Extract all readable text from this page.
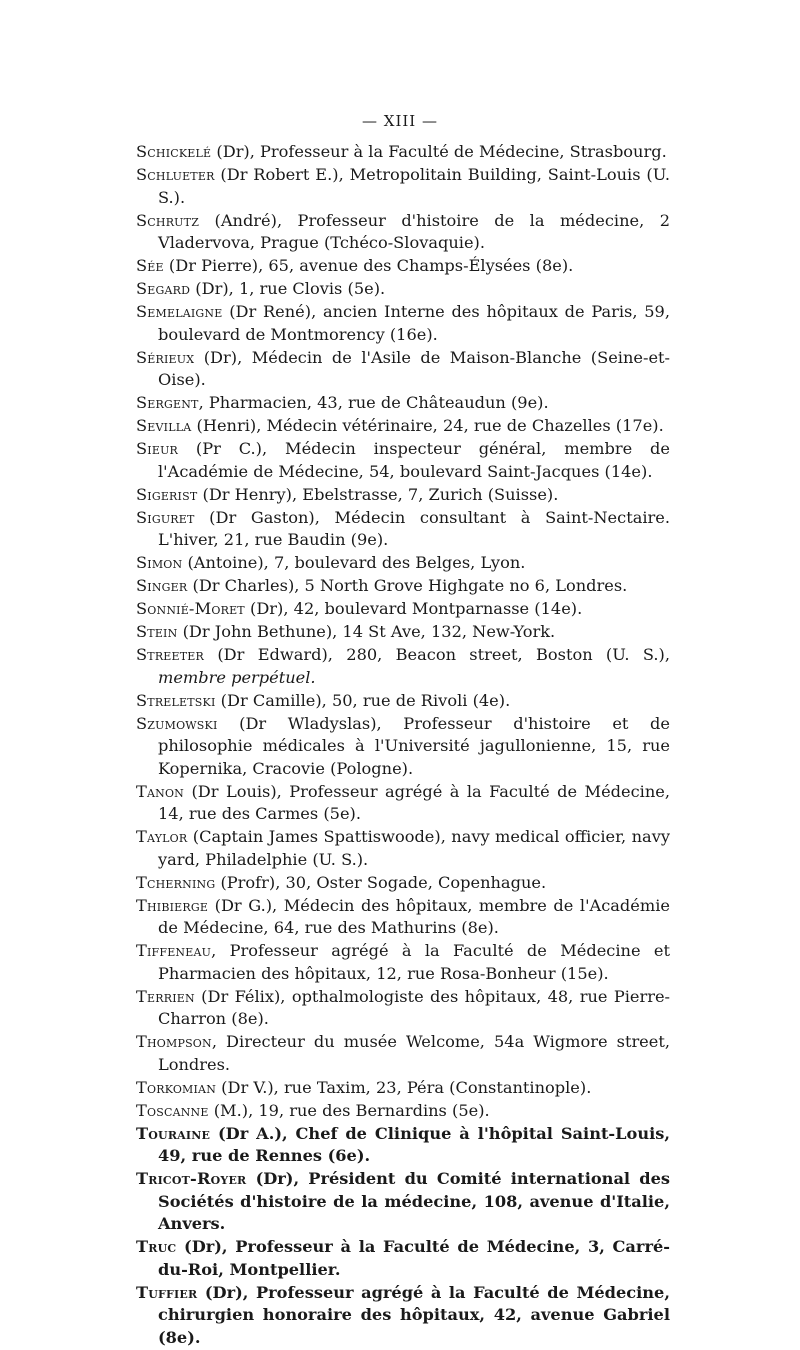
— XIII —

Schickelé (Dr), Professeur à la Faculté de Médecine, Strasbourg.

Schlueter (Dr Robert E.), Metropolitain Building, Saint-Louis (U. S.).

Schrutz (André), Professeur d'histoire de la médecine, 2 Vladervova, Prague (Tchéco-Slovaquie).

Sée (Dr Pierre), 65, avenue des Champs-Élysées (8e).

Segard (Dr), 1, rue Clovis (5e).

Semelaigne (Dr René), ancien Interne des hôpitaux de Paris, 59, boulevard de Montmorency (16e).

Sérieux (Dr), Médecin de l'Asile de Maison-Blanche (Seine-et-Oise).

Sergent, Pharmacien, 43, rue de Châteaudun (9e).

Sevilla (Henri), Médecin vétérinaire, 24, rue de Chazelles (17e).

Sieur (Pr C.), Médecin inspecteur général, membre de l'Académie de Médecine, 54, boulevard Saint-Jacques (14e).

Sigerist (Dr Henry), Ebelstrasse, 7, Zurich (Suisse).

Siguret (Dr Gaston), Médecin consultant à Saint-Nectaire. L'hiver, 21, rue Baudin (9e).

Simon (Antoine), 7, boulevard des Belges, Lyon.

Singer (Dr Charles), 5 North Grove Highgate no 6, Londres.

Sonnié-Moret (Dr), 42, boulevard Montparnasse (14e).

Stein (Dr John Bethune), 14 St Ave, 132, New-York.

Streeter (Dr Edward), 280, Beacon street, Boston (U. S.), membre perpétuel.

Streletski (Dr Camille), 50, rue de Rivoli (4e).

Szumowski (Dr Wladyslas), Professeur d'histoire et de philosophie médicales à l'Université jagullonienne, 15, rue Kopernika, Cracovie (Pologne).

Tanon (Dr Louis), Professeur agrégé à la Faculté de Médecine, 14, rue des Carmes (5e).

Taylor (Captain James Spattiswoode), navy medical officier, navy yard, Philadelphie (U. S.).

Tcherning (Profr), 30, Oster Sogade, Copenhague.

Thibierge (Dr G.), Médecin des hôpitaux, membre de l'Académie de Médecine, 64, rue des Mathurins (8e).

Tiffeneau, Professeur agrégé à la Faculté de Médecine et Pharmacien des hôpitaux, 12, rue Rosa-Bonheur (15e).

Terrien (Dr Félix), opthalmologiste des hôpitaux, 48, rue Pierre-Charron (8e).

Thompson, Directeur du musée Welcome, 54a Wigmore street, Londres.

Torkomian (Dr V.), rue Taxim, 23, Péra (Constantinople).

Toscanne (M.), 19, rue des Bernardins (5e).

Touraine (Dr A.), Chef de Clinique à l'hôpital Saint-Louis, 49, rue de Rennes (6e).

Tricot-Royer (Dr), Président du Comité international des Sociétés d'histoire de la médecine, 108, avenue d'Italie, Anvers.

Truc (Dr), Professeur à la Faculté de Médecine, 3, Carré-du-Roi, Montpellier.

Tuffier (Dr), Professeur agrégé à la Faculté de Médecine, chirurgien honoraire des hôpitaux, 42, avenue Gabriel (8e).
